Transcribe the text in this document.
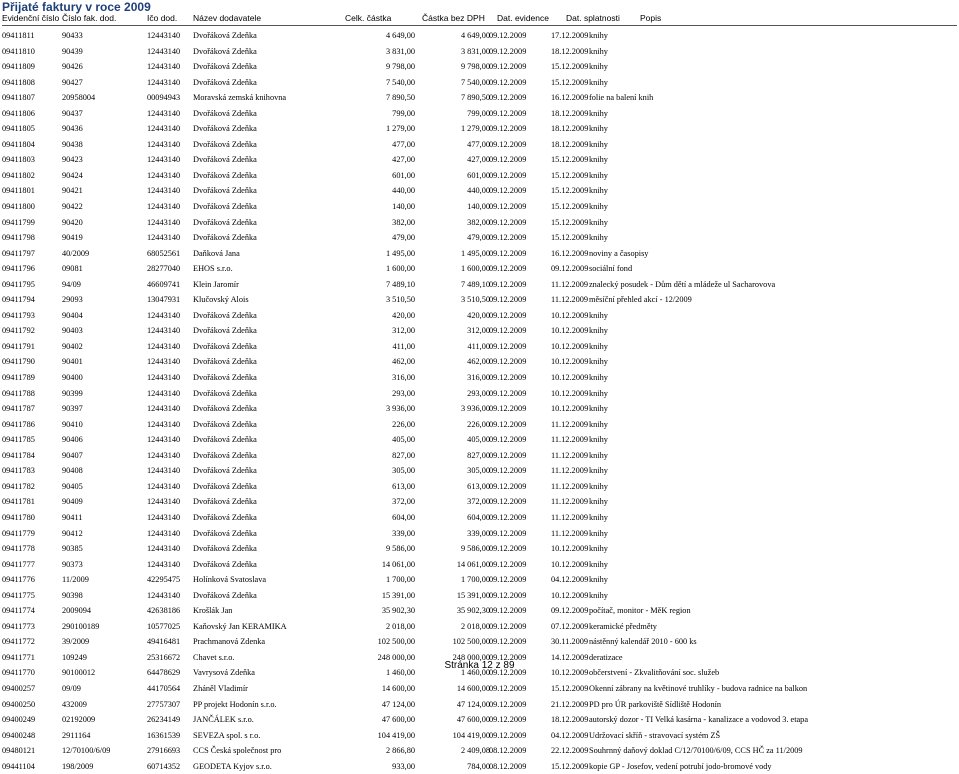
Přijaté faktury v roce 2009
Evidenční číslo Číslo fak. dod.	Ičo dod. Název dodavatele	Celk. částka	Částka bez DPH Dat. evidence Dat. splatnosti Popis
09411811	90433	12443140 Dvořáková Zdeňka	4 649,00	4 649,00 09.12.2009	17.12.2009 knihy
09411810	90439	12443140 Dvořáková Zdeňka	3 831,00	3 831,00 09.12.2009	18.12.2009 knihy
09411809	90426	12443140 Dvořáková Zdeňka	9 798,00	9 798,00 09.12.2009	15.12.2009 knihy
09411808	90427	12443140 Dvořáková Zdeňka	7 540,00	7 540,00 09.12.2009	15.12.2009 knihy
09411807	20958004	00094943 Moravská zemská knihovna	7 890,50	7 890,50 09.12.2009	16.12.2009 folie na balení knih
09411806	90437	12443140 Dvořáková Zdeňka	799,00	799,00 09.12.2009	18.12.2009 knihy
09411805	90436	12443140 Dvořáková Zdeňka	1 279,00	1 279,00 09.12.2009	18.12.2009 knihy
09411804	90438	12443140 Dvořáková Zdeňka	477,00	477,00 09.12.2009	18.12.2009 knihy
09411803	90423	12443140 Dvořáková Zdeňka	427,00	427,00 09.12.2009	15.12.2009 knihy
09411802	90424	12443140 Dvořáková Zdeňka	601,00	601,00 09.12.2009	15.12.2009 knihy
09411801	90421	12443140 Dvořáková Zdeňka	440,00	440,00 09.12.2009	15.12.2009 knihy
09411800	90422	12443140 Dvořáková Zdeňka	140,00	140,00 09.12.2009	15.12.2009 knihy
09411799	90420	12443140 Dvořáková Zdeňka	382,00	382,00 09.12.2009	15.12.2009 knihy
09411798	90419	12443140 Dvořáková Zdeňka	479,00	479,00 09.12.2009	15.12.2009 knihy
09411797	40/2009	68052561 Daňková Jana	1 495,00	1 495,00 09.12.2009	16.12.2009 noviny a časopisy
09411796	09081	28277040 EHOS s.r.o.	1 600,00	1 600,00 09.12.2009	09.12.2009 sociální fond
09411795	94/09	46609741 Klein Jaromír	7 489,10	7 489,10 09.12.2009	11.12.2009 znalecký posudek - Dům dětí a mládeže ul Sacharovova
09411794	29093	13047931 Klučovský Alois	3 510,50	3 510,50 09.12.2009	11.12.2009 měsíční přehled akcí - 12/2009
09411793	90404	12443140 Dvořáková Zdeňka	420,00	420,00 09.12.2009	10.12.2009 knihy
09411792	90403	12443140 Dvořáková Zdeňka	312,00	312,00 09.12.2009	10.12.2009 knihy
09411791	90402	12443140 Dvořáková Zdeňka	411,00	411,00 09.12.2009	10.12.2009 knihy
09411790	90401	12443140 Dvořáková Zdeňka	462,00	462,00 09.12.2009	10.12.2009 knihy
09411789	90400	12443140 Dvořáková Zdeňka	316,00	316,00 09.12.2009	10.12.2009 knihy
09411788	90399	12443140 Dvořáková Zdeňka	293,00	293,00 09.12.2009	10.12.2009 knihy
09411787	90397	12443140 Dvořáková Zdeňka	3 936,00	3 936,00 09.12.2009	10.12.2009 knihy
09411786	90410	12443140 Dvořáková Zdeňka	226,00	226,00 09.12.2009	11.12.2009 knihy
09411785	90406	12443140 Dvořáková Zdeňka	405,00	405,00 09.12.2009	11.12.2009 knihy
09411784	90407	12443140 Dvořáková Zdeňka	827,00	827,00 09.12.2009	11.12.2009 knihy
09411783	90408	12443140 Dvořáková Zdeňka	305,00	305,00 09.12.2009	11.12.2009 knihy
09411782	90405	12443140 Dvořáková Zdeňka	613,00	613,00 09.12.2009	11.12.2009 knihy
09411781	90409	12443140 Dvořáková Zdeňka	372,00	372,00 09.12.2009	11.12.2009 knihy
09411780	90411	12443140 Dvořáková Zdeňka	604,00	604,00 09.12.2009	11.12.2009 knihy
09411779	90412	12443140 Dvořáková Zdeňka	339,00	339,00 09.12.2009	11.12.2009 knihy
09411778	90385	12443140 Dvořáková Zdeňka	9 586,00	9 586,00 09.12.2009	10.12.2009 knihy
09411777	90373	12443140 Dvořáková Zdeňka	14 061,00	14 061,00 09.12.2009	10.12.2009 knihy
09411776	11/2009	42295475 Holínková Svatoslava	1 700,00	1 700,00 09.12.2009	04.12.2009 knihy
09411775	90398	12443140 Dvořáková Zdeňka	15 391,00	15 391,00 09.12.2009	10.12.2009 knihy
09411774	2009094	42638186 Krošlák Jan	35 902,30	35 902,30 09.12.2009	09.12.2009 počítač, monitor - MěK region
09411773	290100189	10577025 Kaňovský Jan KERAMIKA	2 018,00	2 018,00 09.12.2009	07.12.2009 keramické předměty
09411772	39/2009	49416481 Prachmanová Zdenka	102 500,00	102 500,00 09.12.2009	30.11.2009 nástěnný kalendář 2010 - 600 ks
09411771	109249	25316672 Chavet s.r.o.	248 000,00	248 000,00 09.12.2009	14.12.2009 deratizace
09411770	90100012	64478629 Vavrysová Zdeňka	1 460,00	1 460,00 09.12.2009	10.12.2009 občerstvení - Zkvalitňování soc. služeb
09400257	09/09	44170564 Zháněl Vladimír	14 600,00	14 600,00 09.12.2009	15.12.2009 Okenní zábrany na květinové truhlíky - budova radnice na balkon
09400250	432009	27757307 PP projekt Hodonín s.r.o.	47 124,00	47 124,00 09.12.2009	21.12.2009 PD pro ÚR parkoviště Sídliště Hodonín
09400249	02192009	26234149 JANČÁLEK s.r.o.	47 600,00	47 600,00 09.12.2009	18.12.2009 autorský dozor - TI Velká kasárna - kanalizace a vodovod 3. etapa
09400248	2911164	16361539 SEVEZA spol. s r.o.	104 419,00	104 419,00 09.12.2009	04.12.2009 Udržovací skříň - stravovací systém ZŠ
09480121	12/70100/6/09	27916693 CCS Česká společnost pro	2 866,80	2 409,08 08.12.2009	22.12.2009 Souhrnný daňový doklad C/12/70100/6/09, CCS HČ za 11/2009
09441104	198/2009	60714352 GEODETA Kyjov s.r.o.	933,00	784,00 08.12.2009	15.12.2009 kopie GP - Josefov, vedení potrubí jodo-bromové vody
Stránka 12 z 89
